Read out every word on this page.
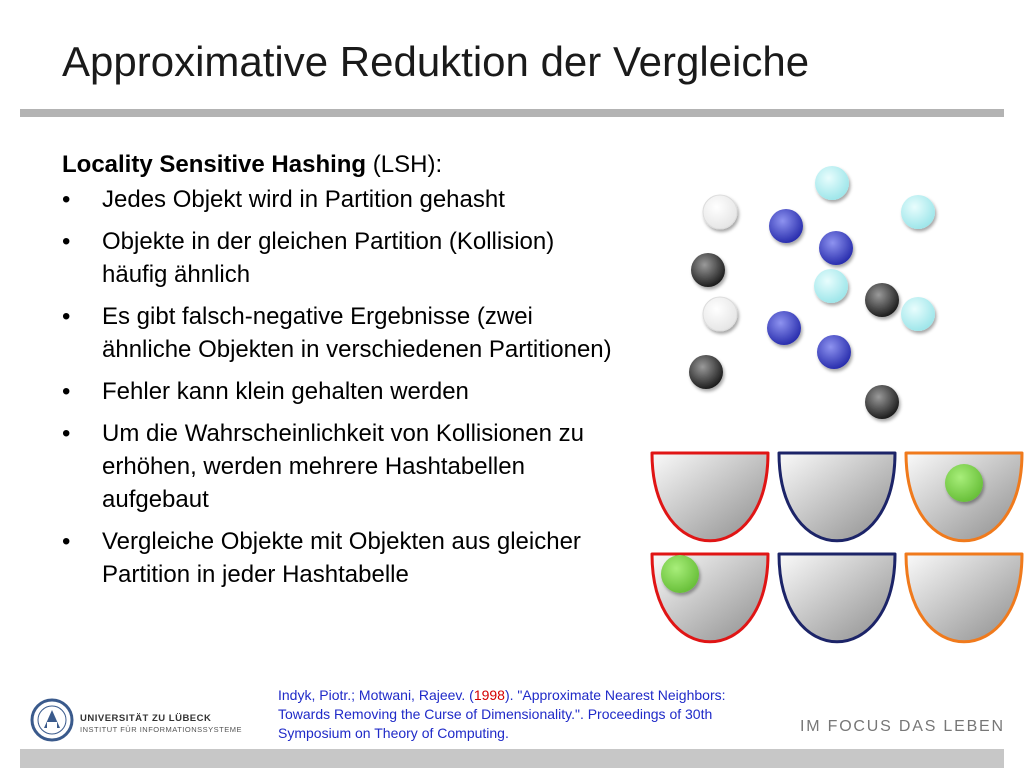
Approximative Reduktion der Vergleiche

Locality Sensitive Hashing (LSH):

• Jedes Objekt wird in Partition gehasht
• Objekte in der gleichen Partition (Kollision) häufig ähnlich
• Es gibt falsch-negative Ergebnisse (zwei ähnliche Objekten in verschiedenen Partitionen)
• Fehler kann klein gehalten werden
• Um die Wahrscheinlichkeit von Kollisionen zu erhöhen, werden mehrere Hashtabellen aufgebaut
• Vergleiche Objekte mit Objekten aus gleicher Partition in jeder Hashtabelle
UNIVERSITÄT ZU LÜBECK
INSTITUT FÜR INFORMATIONSSYSTEME
Indyk, Piotr.; Motwani, Rajeev. (1998). "Approximate Nearest Neighbors: Towards Removing the Curse of Dimensionality.". Proceedings of 30th Symposium on Theory of Computing.	IM FOCUS DAS LEBEN
